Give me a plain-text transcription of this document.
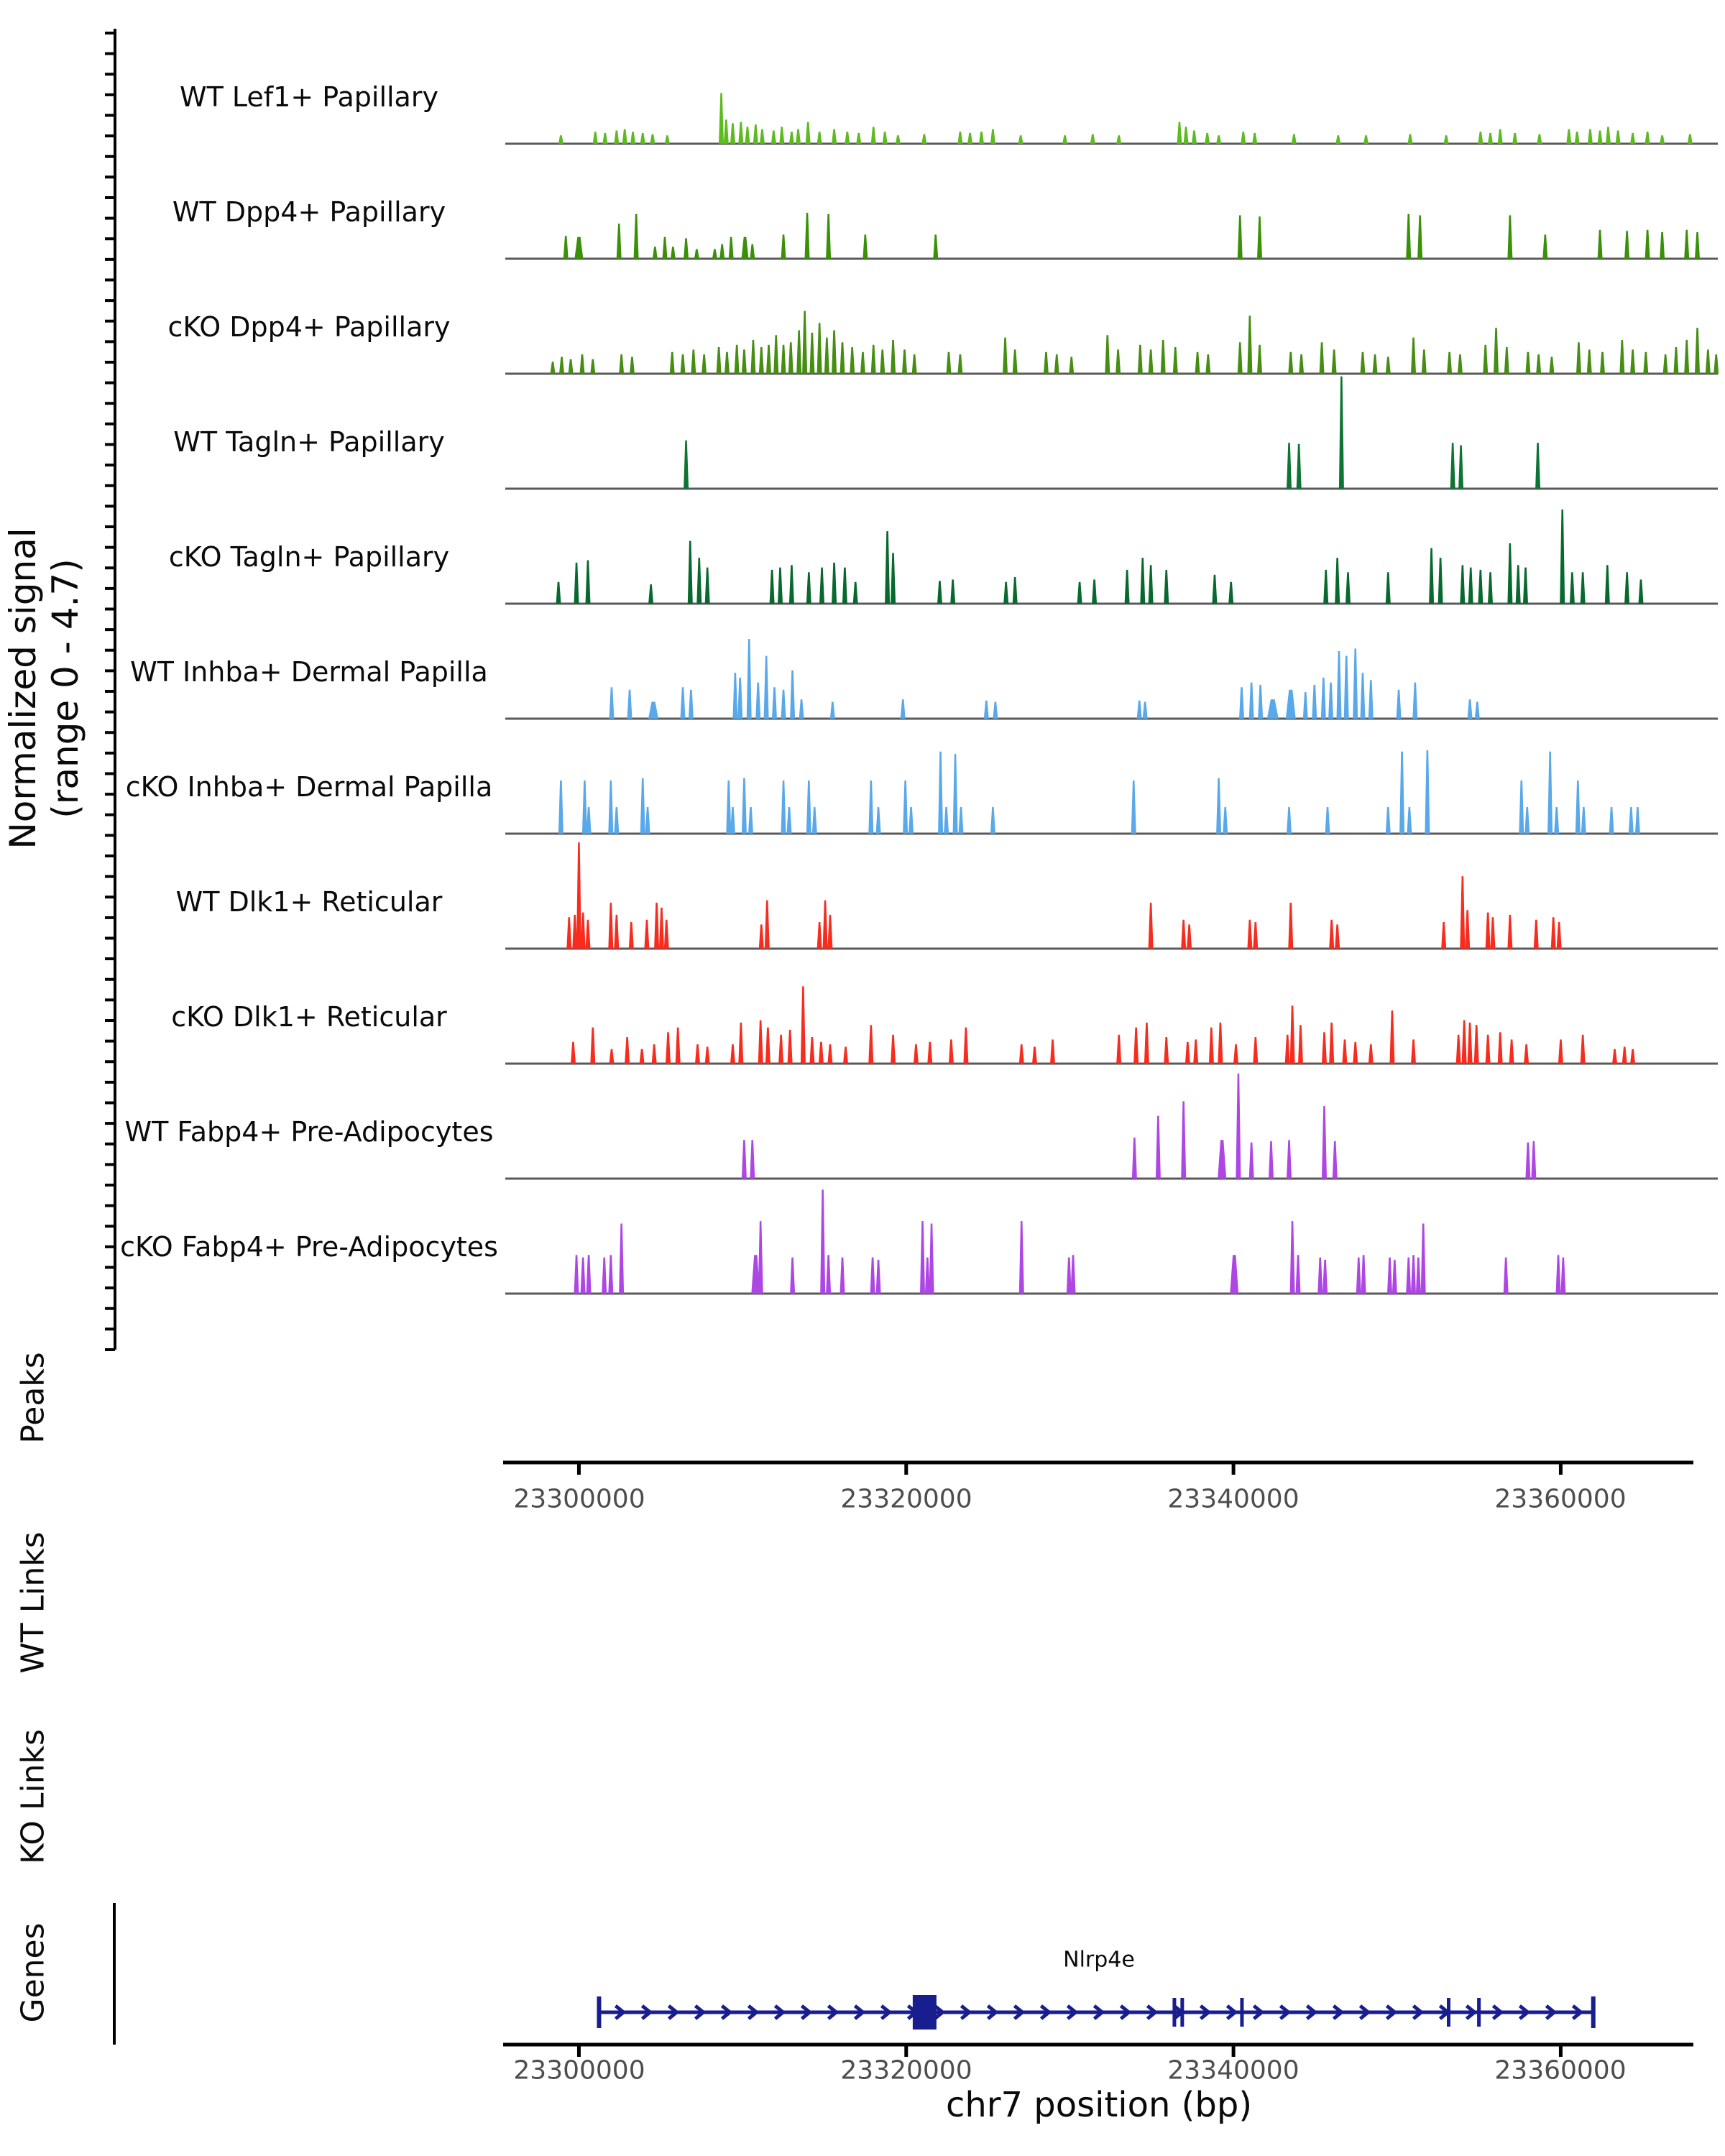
Normalized signal (range 0 - 4.7)
WT Lef1+ Papillary
WT Dpp4+ Papillary
cKO Dpp4+ Papillary
WT Tagln+ Papillary
cKO Tagln+ Papillary
WT Inhba+ Dermal Papilla
cKO Inhba+ Dermal Papilla
WT Dlk1+ Reticular
cKO Dlk1+ Reticular
WT Fabp4+ Pre-Adipocytes
cKO Fabp4+ Pre-Adipocytes
Peaks
WT Links
KO Links
Genes
23300000	23320000	23340000	23360000
Nlrp4e
23300000	23320000	23340000	23360000
chr7 position (bp)
